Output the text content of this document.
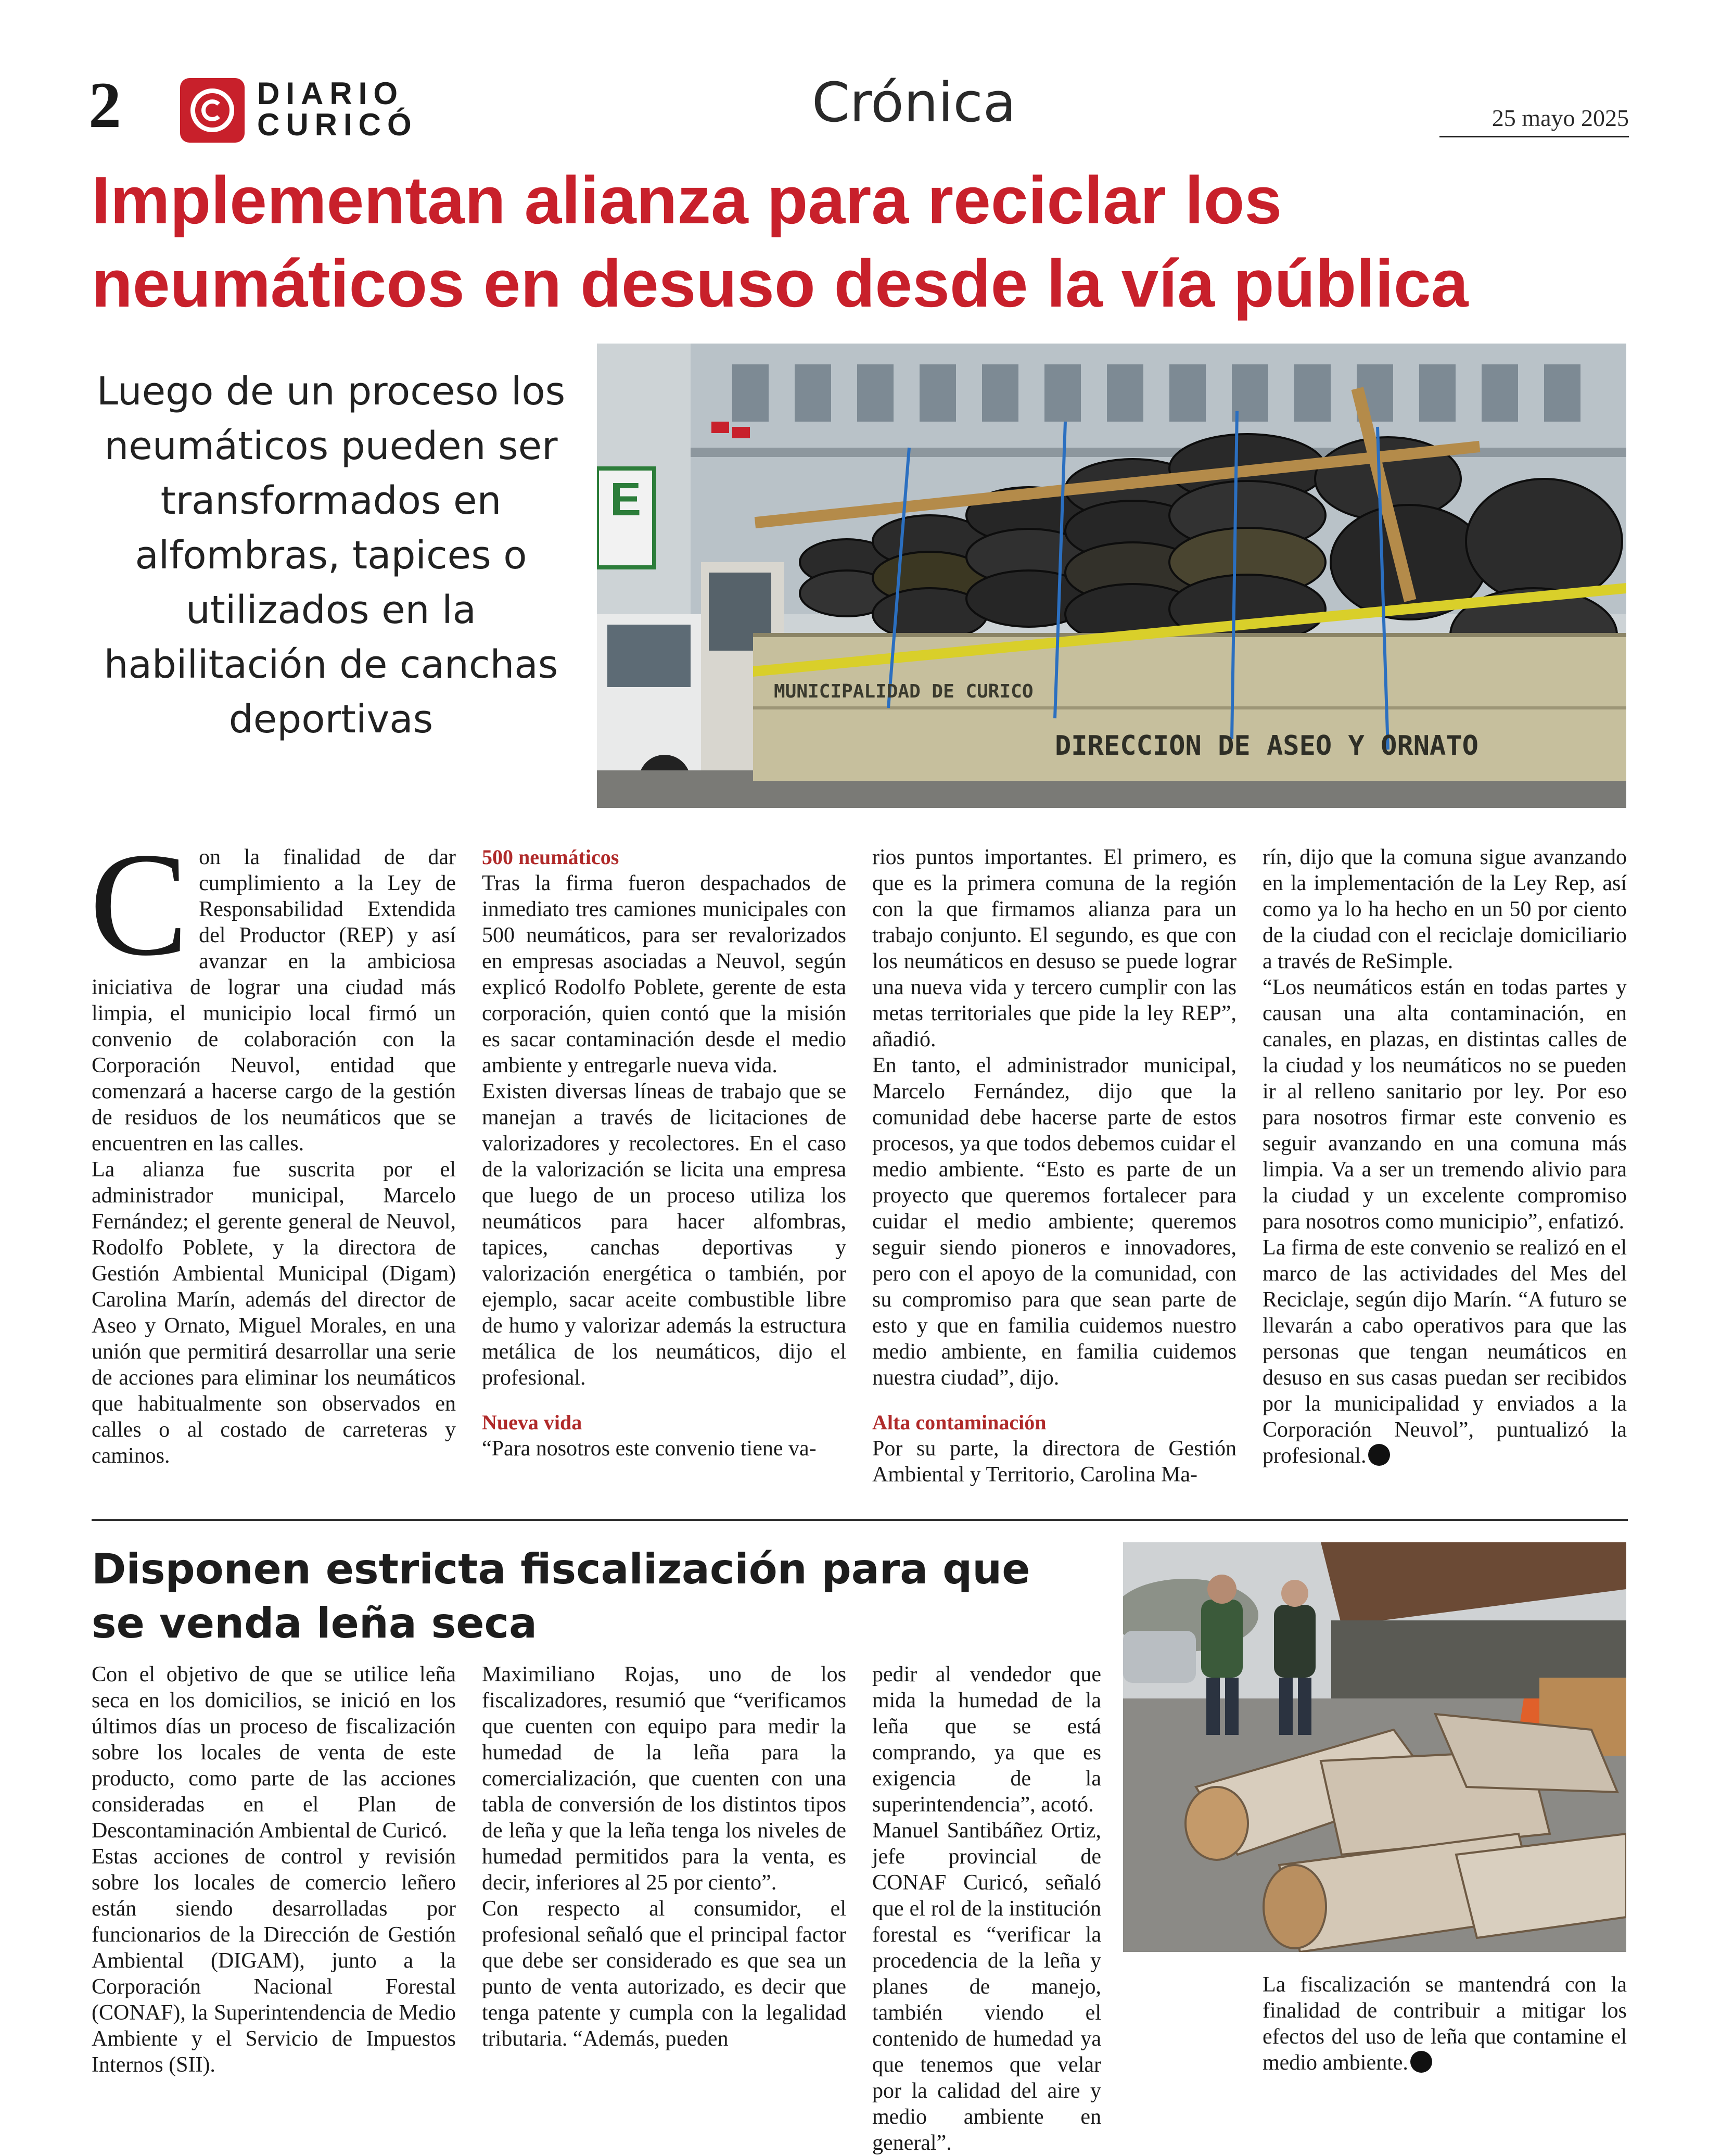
2	DIARIO
CURICÓ	Crónica	25 mayo 2025
Implementan alianza para reciclar los neumáticos en desuso desde la vía pública
Luego de un proceso los neumáticos pueden ser transformados en alfombras, tapices o utilizados en la habilitación de canchas deportivas
E
MUNICIPALIDAD DE CURICO
DIRECCION DE ASEO Y ORNATO
C on la finalidad de dar cumplimiento a la Ley de Responsabilidad Extendida del Productor (REP) y así avanzar en la ambiciosa iniciativa de lograr una ciudad más limpia, el municipio local firmó un convenio de colaboración con la Corporación Neuvol, entidad que comenzará a hacerse cargo de la gestión de residuos de los neumáticos que se encuentren en las calles.

La alianza fue suscrita por el administrador municipal, Marcelo Fernández; el gerente general de Neuvol, Rodolfo Poblete, y la directora de Gestión Ambiental Municipal (Digam) Carolina Marín, además del director de Aseo y Ornato, Miguel Morales, en una unión que permitirá desarrollar una serie de acciones para eliminar los neumáticos que habitualmente son observados en calles o al costado de carreteras y caminos.

500 neumáticos

Tras la firma fueron despachados de inmediato tres camiones municipales con 500 neumáticos, para ser revalorizados en empresas asociadas a Neuvol, según explicó Rodolfo Poblete, gerente de esta corporación, quien contó que la misión es sacar contaminación desde el medio ambiente y entregarle nueva vida.

Existen diversas líneas de trabajo que se manejan a través de licitaciones de valorizadores y recolectores. En el caso de la valorización se licita una empresa que luego de un proceso utiliza los neumáticos para hacer alfombras, tapices, canchas deportivas y valorización energética o también, por ejemplo, sacar aceite combustible libre de humo y valorizar además la estructura metálica de los neumáticos, dijo el profesional.

Nueva vida

“Para nosotros este convenio tiene va-

rios puntos importantes. El primero, es que es la primera comuna de la región con la que firmamos alianza para un trabajo conjunto. El segundo, es que con los neumáticos en desuso se puede lograr una nueva vida y tercero cumplir con las metas territoriales que pide la ley REP”, añadió.

En tanto, el administrador municipal, Marcelo Fernández, dijo que la comunidad debe hacerse parte de estos procesos, ya que todos debemos cuidar el medio ambiente. “Esto es parte de un proyecto que queremos fortalecer para cuidar el medio ambiente; queremos seguir siendo pioneros e innovadores, pero con el apoyo de la comunidad, con su compromiso para que sean parte de esto y que en familia cuidemos nuestro medio ambiente, en familia cuidemos nuestra ciudad”, dijo.

Alta contaminación

Por su parte, la directora de Gestión Ambiental y Territorio, Carolina Ma-

rín, dijo que la comuna sigue avanzando en la implementación de la Ley Rep, así como ya lo ha hecho en un 50 por ciento de la ciudad con el reciclaje domiciliario a través de ReSimple.

“Los neumáticos están en todas partes y causan una alta contaminación, en canales, en plazas, en distintas calles de la ciudad y los neumáticos no se pueden ir al relleno sanitario por ley. Por eso para nosotros firmar este convenio es seguir avanzando en una comuna más limpia. Va a ser un tremendo alivio para la ciudad y un excelente compromiso para nosotros como municipio”, enfatizó.

La firma de este convenio se realizó en el marco de las actividades del Mes del Reciclaje, según dijo Marín. “A futuro se llevarán a cabo operativos para que las personas que tengan neumáticos en desuso en sus casas puedan ser recibidos por la municipalidad y enviados a la Corporación Neuvol”, puntualizó la profesional.

Disponen estricta fiscalización para que se venda leña seca

Con el objetivo de que se utilice leña seca en los domicilios, se inició en los últimos días un proceso de fiscalización sobre los locales de venta de este producto, como parte de las acciones consideradas en el Plan de Descontaminación Ambiental de Curicó.

Estas acciones de control y revisión sobre los locales de comercio leñero están siendo desarrolladas por funcionarios de la Dirección de Gestión Ambiental (DIGAM), junto a la Corporación Nacional Forestal (CONAF), la Superintendencia de Medio Ambiente y el Servicio de Impuestos Internos (SII).

Maximiliano Rojas, uno de los fiscalizadores, resumió que “verificamos que cuenten con equipo para medir la humedad de la leña para la comercialización, que cuenten con una tabla de conversión de los distintos tipos de leña y que la leña tenga los niveles de humedad permitidos para la venta, es decir, inferiores al 25 por ciento”.

Con respecto al consumidor, el profesional señaló que el principal factor que debe ser considerado es que sea un punto de venta autorizado, es decir que tenga patente y cumpla con la legalidad tributaria. “Además, pueden

pedir al vendedor que mida la humedad de la leña que se está comprando, ya que es exigencia de la superintendencia”, acotó.

Manuel Santibáñez Ortiz, jefe provincial de CONAF Curicó, señaló que el rol de la institución forestal es “verificar la procedencia de la leña y planes de manejo, también viendo el contenido de humedad ya que tenemos que velar por la calidad del aire y medio ambiente en general”.

La fiscalización se mantendrá con la finalidad de contribuir a mitigar los efectos del uso de leña que contamine el medio ambiente.
